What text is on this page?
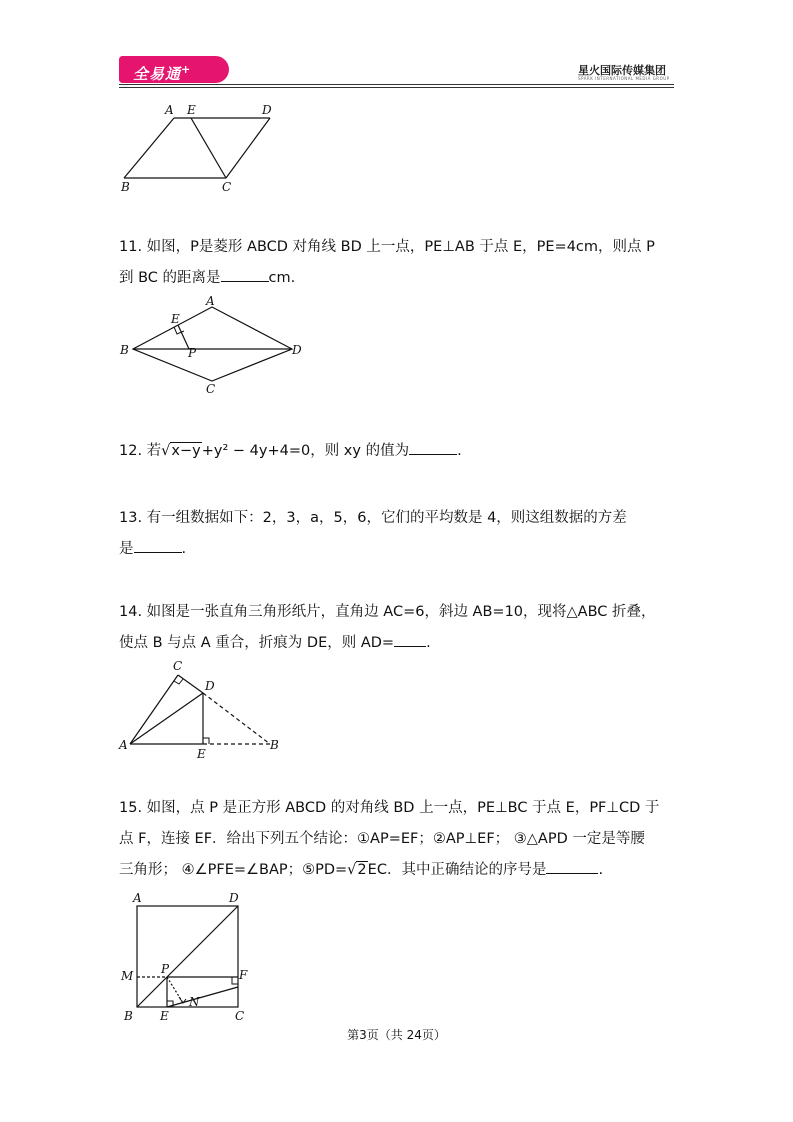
全易通+	星火国际传媒集团
SPARK INTERNATIONAL MEDIA GROUP
A E	D
B	C
11. 如图，P是菱形 ABCD 对角线 BD 上一点，PE⊥AB 于点 E，PE=4cm，则点 P
到 BC 的距离是	cm.
A
E
B	P	D
C
12. 若√x−y+y² − 4y+4=0，则 xy 的值为	.
13. 有一组数据如下：2，3，a，5，6，它们的平均数是 4，则这组数据的方差
是	.
14. 如图是一张直角三角形纸片，直角边 AC=6，斜边 AB=10，现将△ABC 折叠，
使点 B 与点 A 重合，折痕为 DE，则 AD= .
C
D
A
E
B
15. 如图，点 P 是正方形 ABCD 的对角线 BD 上一点，PE⊥BC 于点 E，PF⊥CD 于
点 F，连接 EF．给出下列五个结论：①AP=EF；②AP⊥EF； ③△APD 一定是等腰
三角形； ④∠PFE=∠BAP；⑤PD=√2EC．其中正确结论的序号是	.
A	D
M P	F
N
B E	C
第3页（共 24页）
